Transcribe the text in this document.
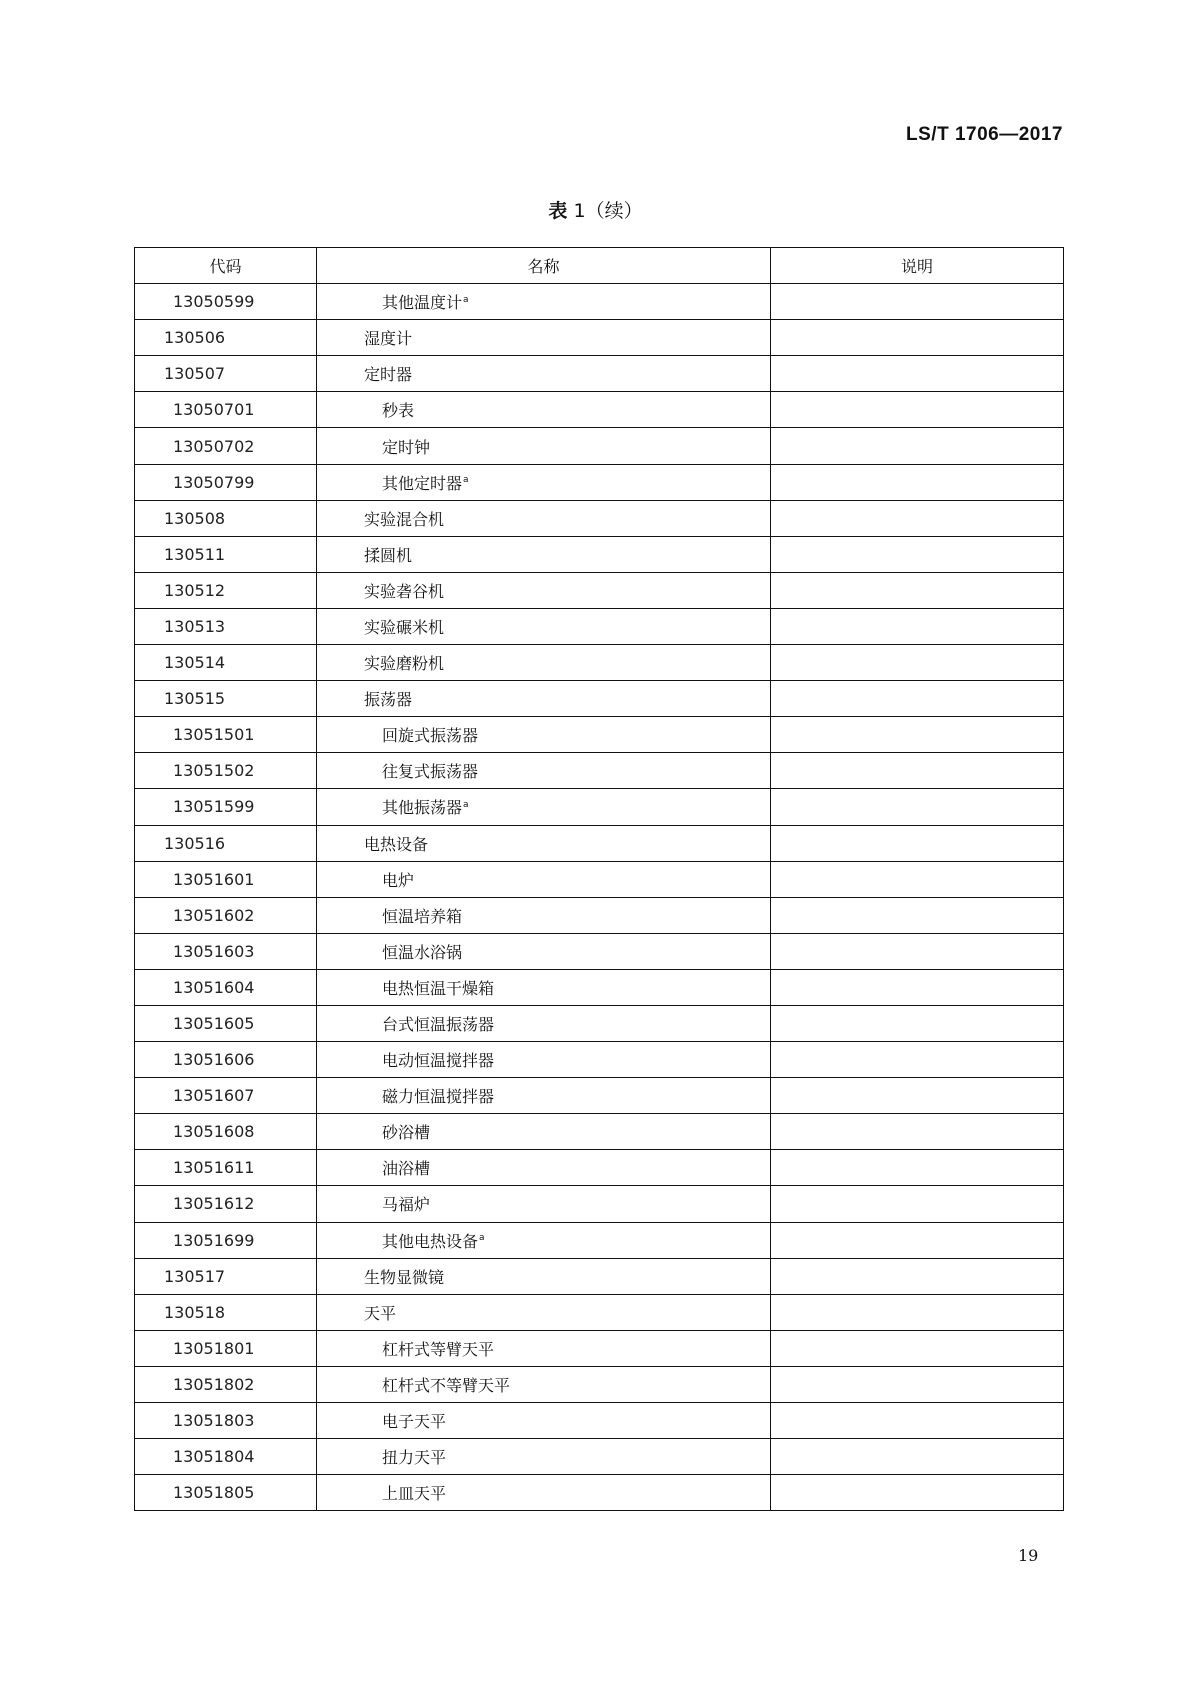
LS/T 1706—2017
表 1（续）
代码	名称	说明
13050599	其他温度计$^a$	
130506	湿度计	
130507	定时器	
13050701	秒表	
13050702	定时钟	
13050799	其他定时器$^a$	
130508	实验混合机	
130511	揉圆机	
130512	实验砻谷机	
130513	实验碾米机	
130514	实验磨粉机	
130515	振荡器	
13051501	回旋式振荡器	
13051502	往复式振荡器	
13051599	其他振荡器$^a$	
130516	电热设备	
13051601	电炉	
13051602	恒温培养箱	
13051603	恒温水浴锅	
13051604	电热恒温干燥箱	
13051605	台式恒温振荡器	
13051606	电动恒温搅拌器	
13051607	磁力恒温搅拌器	
13051608	砂浴槽	
13051611	油浴槽	
13051612	马福炉	
13051699	其他电热设备$^a$	
130517	生物显微镜	
130518	天平	
13051801	杠杆式等臂天平	
13051802	杠杆式不等臂天平	
13051803	电子天平	
13051804	扭力天平	
13051805	上皿天平	
19
